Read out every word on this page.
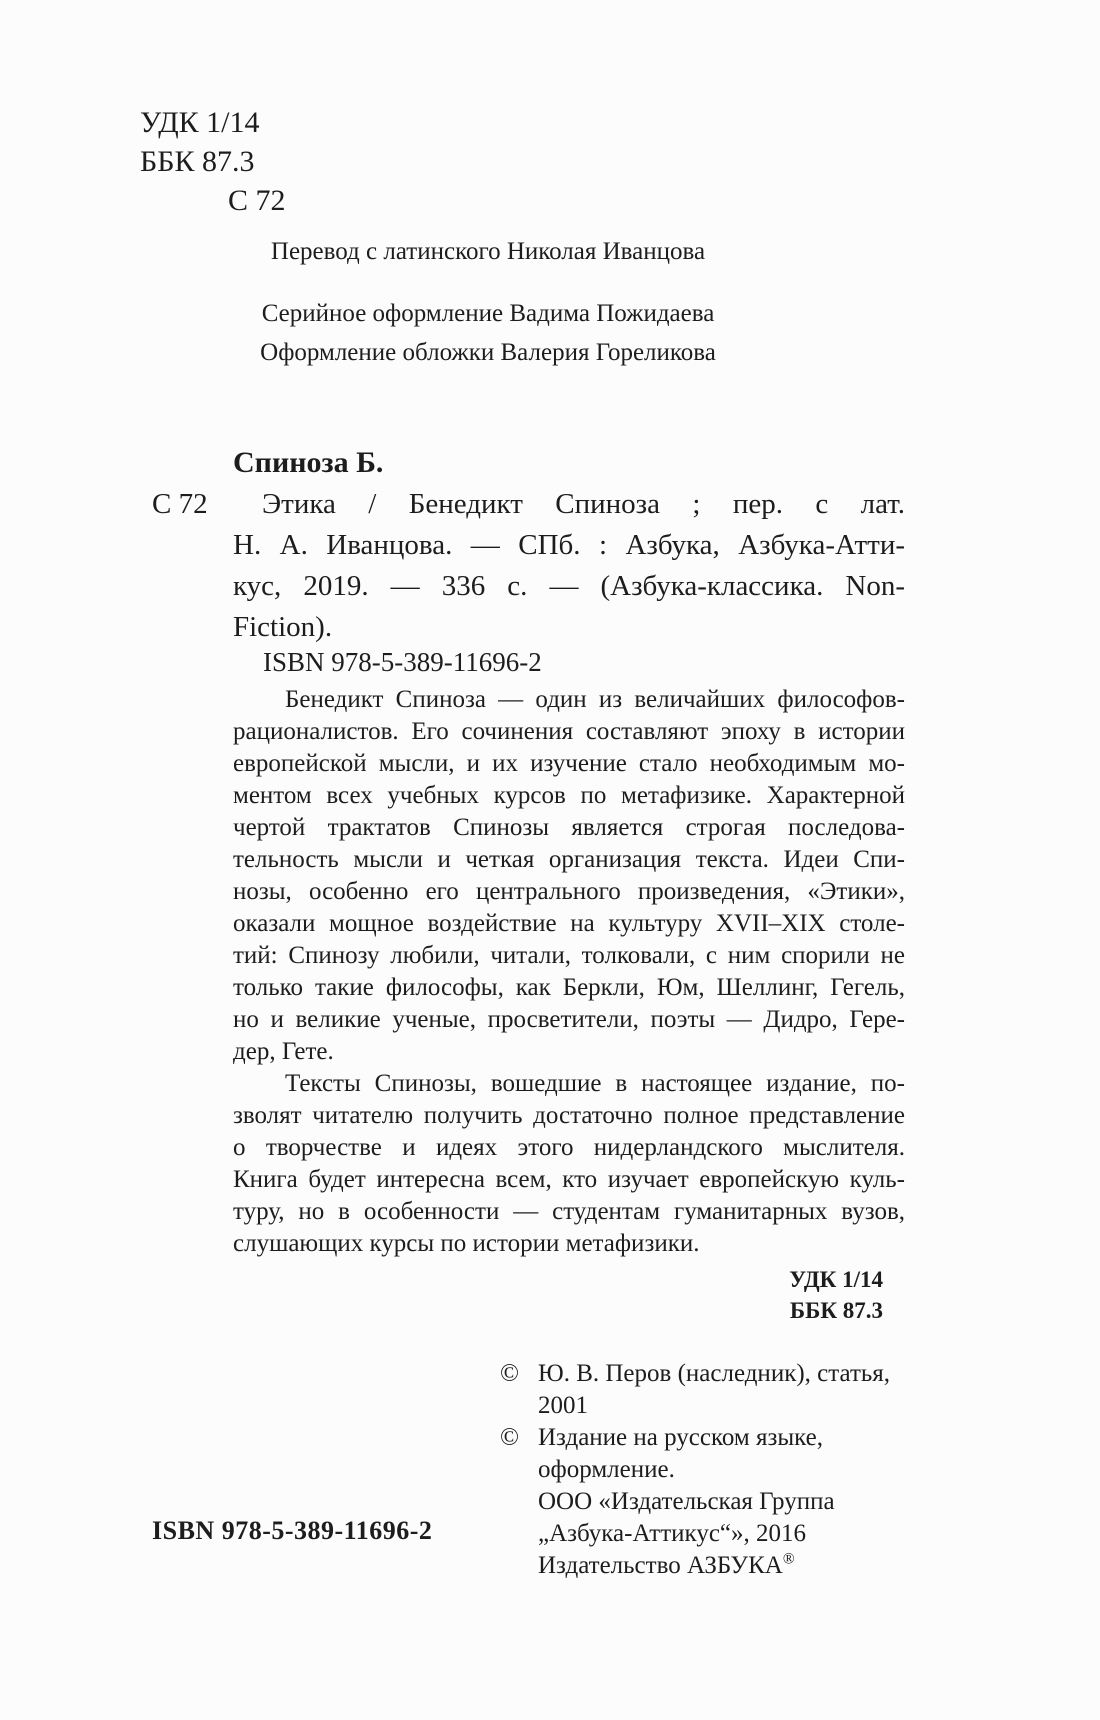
УДК 1/14
ББК 87.3
С 72
Перевод с латинского Николая Иванцова
Серийное оформление Вадима Пожидаева
Оформление обложки Валерия Гореликова
Спиноза Б.
С 72	Этика / Бенедикт Спиноза ; пер. с лат.
Н. А. Иванцова. — СПб. : Азбука, Азбука-Атти-
кус, 2019. — 336 с. — (Азбука-классика. Non-
Fiction).
ISBN 978-5-389-11696-2
Бенедикт Спиноза — один из величайших философов-
рационалистов. Его сочинения составляют эпоху в истории
европейской мысли, и их изучение стало необходимым мо-
ментом всех учебных курсов по метафизике. Характерной
чертой трактатов Спинозы является строгая последова-
тельность мысли и четкая организация текста. Идеи Спи-
нозы, особенно его центрального произведения, «Этики»,
оказали мощное воздействие на культуру XVII–XIX столе-
тий: Спинозу любили, читали, толковали, с ним спорили не
только такие философы, как Беркли, Юм, Шеллинг, Гегель,
но и великие ученые, просветители, поэты — Дидро, Гере-
дер, Гете.
Тексты Спинозы, вошедшие в настоящее издание, по-
зволят читателю получить достаточно полное представление
о творчестве и идеях этого нидерландского мыслителя.
Книга будет интересна всем, кто изучает европейскую куль-
туру, но в особенности — студентам гуманитарных вузов,
слушающих курсы по истории метафизики.
УДК 1/14
ББК 87.3
© Ю. В. Перов (наследник), статья, 2001
© Издание на русском языке,
оформление.
ООО «Издательская Группа
„Азбука-Аттикус“», 2016
Издательство АЗБУКА®
ISBN 978-5-389-11696-2
